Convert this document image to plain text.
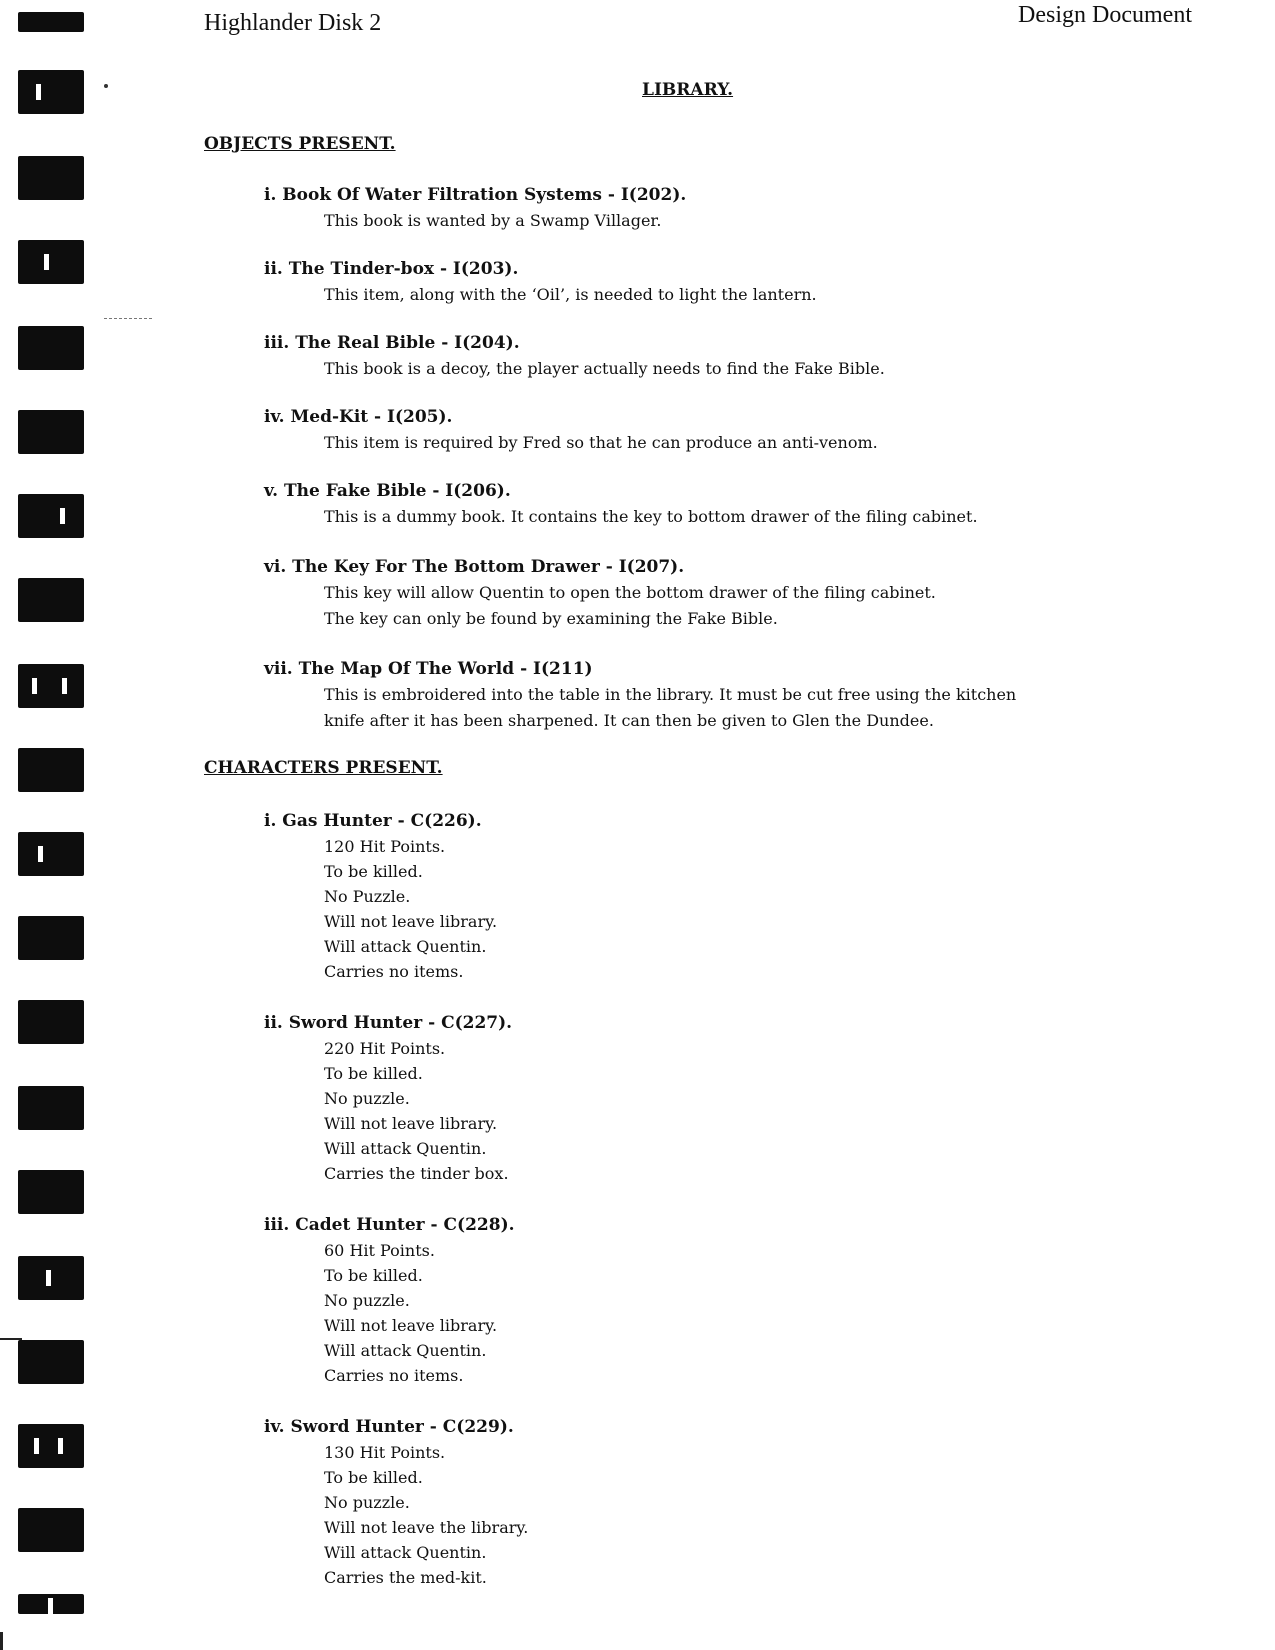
Highlander Disk 2	Design Document
LIBRARY.
OBJECTS PRESENT.
i. Book Of Water Filtration Systems - I(202).
This book is wanted by a Swamp Villager.
ii. The Tinder-box - I(203).
This item, along with the ‘Oil’, is needed to light the lantern.
iii. The Real Bible - I(204).
This book is a decoy, the player actually needs to find the Fake Bible.
iv. Med-Kit - I(205).
This item is required by Fred so that he can produce an anti-venom.
v. The Fake Bible - I(206).
This is a dummy book. It contains the key to bottom drawer of the filing cabinet.
vi. The Key For The Bottom Drawer - I(207).
This key will allow Quentin to open the bottom drawer of the filing cabinet.
The key can only be found by examining the Fake Bible.
vii. The Map Of The World - I(211)
This is embroidered into the table in the library. It must be cut free using the kitchen
knife after it has been sharpened. It can then be given to Glen the Dundee.
CHARACTERS PRESENT.
i. Gas Hunter - C(226).
120 Hit Points.
To be killed.
No Puzzle.
Will not leave library.
Will attack Quentin.
Carries no items.
ii. Sword Hunter - C(227).
220 Hit Points.
To be killed.
No puzzle.
Will not leave library.
Will attack Quentin.
Carries the tinder box.
iii. Cadet Hunter - C(228).
60 Hit Points.
To be killed.
No puzzle.
Will not leave library.
Will attack Quentin.
Carries no items.
iv. Sword Hunter - C(229).
130 Hit Points.
To be killed.
No puzzle.
Will not leave the library.
Will attack Quentin.
Carries the med-kit.
